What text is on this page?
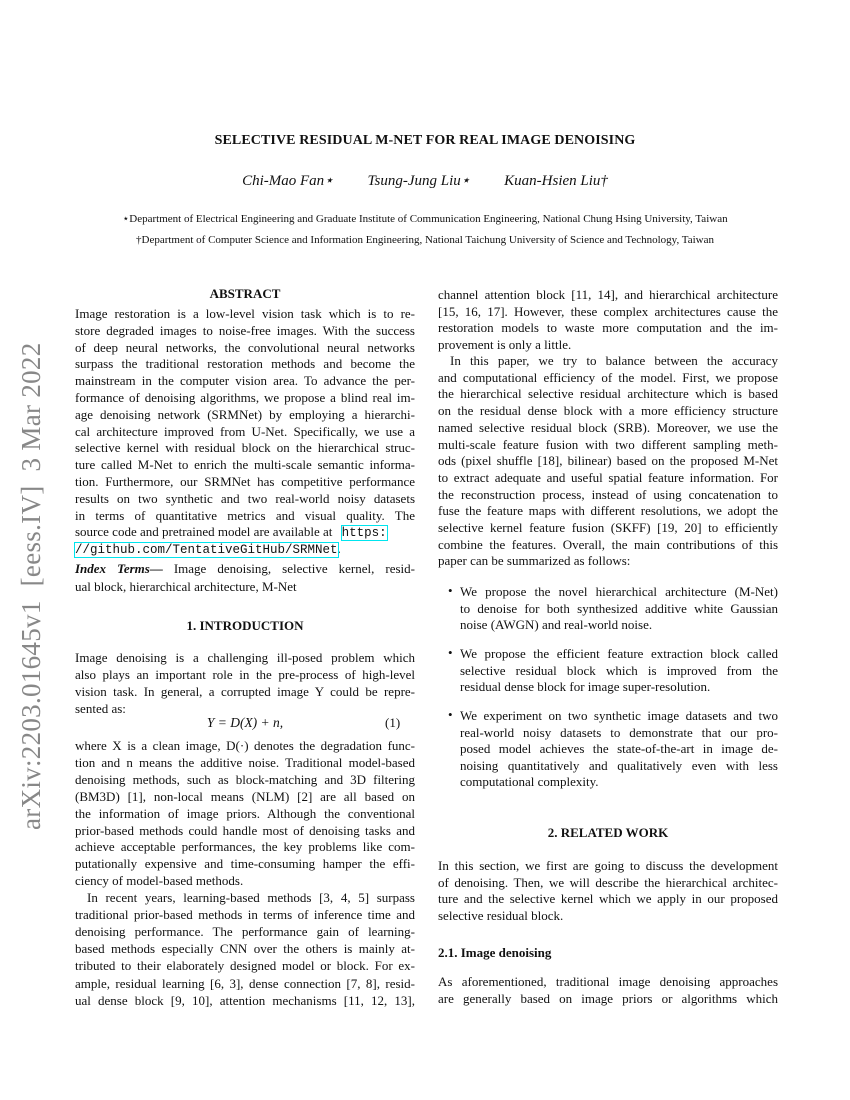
arXiv:2203.01645v1[eess.IV]3 Mar 2022
SELECTIVE RESIDUAL M-NET FOR REAL IMAGE DENOISING
Chi-Mao Fan⋆ Tsung-Jung Liu⋆ Kuan-Hsien Liu†
⋆Department of Electrical Engineering and Graduate Institute of Communication Engineering, National Chung Hsing University, Taiwan
†Department of Computer Science and Information Engineering, National Taichung University of Science and Technology, Taiwan
ABSTRACT
source code and pretrained model are available at https:
//github.com/TentativeGitHub/SRMNet.
Index Terms— Image denoising, selective kernel, resid-
ual block, hierarchical architecture, M-Net
1. INTRODUCTION
Y = D(X) + n,	(1)
2. RELATED WORK
2.1. Image denoising
Image restoration is a low-level vision task which is to re-
store degraded images to noise-free images. With the success
of deep neural networks, the convolutional neural networks
surpass the traditional restoration methods and become the
mainstream in the computer vision area. To advance the per-
formance of denoising algorithms, we propose a blind real im-
age denoising network (SRMNet) by employing a hierarchi-
cal architecture improved from U-Net. Specifically, we use a
selective kernel with residual block on the hierarchical struc-
ture called M-Net to enrich the multi-scale semantic informa-
tion. Furthermore, our SRMNet has competitive performance
results on two synthetic and two real-world noisy datasets
in terms of quantitative metrics and visual quality. The
Image denoising is a challenging ill-posed problem which
also plays an important role in the pre-process of high-level
vision task. In general, a corrupted image Y could be repre-
sented as:
where X is a clean image, D(·) denotes the degradation func-
tion and n means the additive noise. Traditional model-based
denoising methods, such as block-matching and 3D filtering
(BM3D) [1], non-local means (NLM) [2] are all based on
the information of image priors. Although the conventional
prior-based methods could handle most of denoising tasks and
achieve acceptable performances, the key problems like com-
putationally expensive and time-consuming hamper the effi-
ciency of model-based methods.
In recent years, learning-based methods [3, 4, 5] surpass
traditional prior-based methods in terms of inference time and
denoising performance. The performance gain of learning-
based methods especially CNN over the others is mainly at-
tributed to their elaborately designed model or block. For ex-
ample, residual learning [6, 3], dense connection [7, 8], resid-
ual dense block [9, 10], attention mechanisms [11, 12, 13],
channel attention block [11, 14], and hierarchical architecture
[15, 16, 17]. However, these complex architectures cause the
restoration models to waste more computation and the im-
provement is only a little.
In this paper, we try to balance between the accuracy
and computational efficiency of the model. First, we propose
the hierarchical selective residual architecture which is based
on the residual dense block with a more efficiency structure
named selective residual block (SRB). Moreover, we use the
multi-scale feature fusion with two different sampling meth-
ods (pixel shuffle [18], bilinear) based on the proposed M-Net
to extract adequate and useful spatial feature information. For
the reconstruction process, instead of using concatenation to
fuse the feature maps with different resolutions, we adopt the
selective kernel feature fusion (SKFF) [19, 20] to efficiently
combine the features. Overall, the main contributions of this
paper can be summarized as follows:
We propose the novel hierarchical architecture (M-Net)
to denoise for both synthesized additive white Gaussian
noise (AWGN) and real-world noise.
•
We propose the efficient feature extraction block called
selective residual block which is improved from the
residual dense block for image super-resolution.
•
We experiment on two synthetic image datasets and two
real-world noisy datasets to demonstrate that our pro-
posed model achieves the state-of-the-art in image de-
noising quantitatively and qualitatively even with less
computational complexity.
•
In this section, we first are going to discuss the development
of denoising. Then, we will describe the hierarchical architec-
ture and the selective kernel which we apply in our proposed
selective residual block.
As aforementioned, traditional image denoising approaches
are generally based on image priors or algorithms which
